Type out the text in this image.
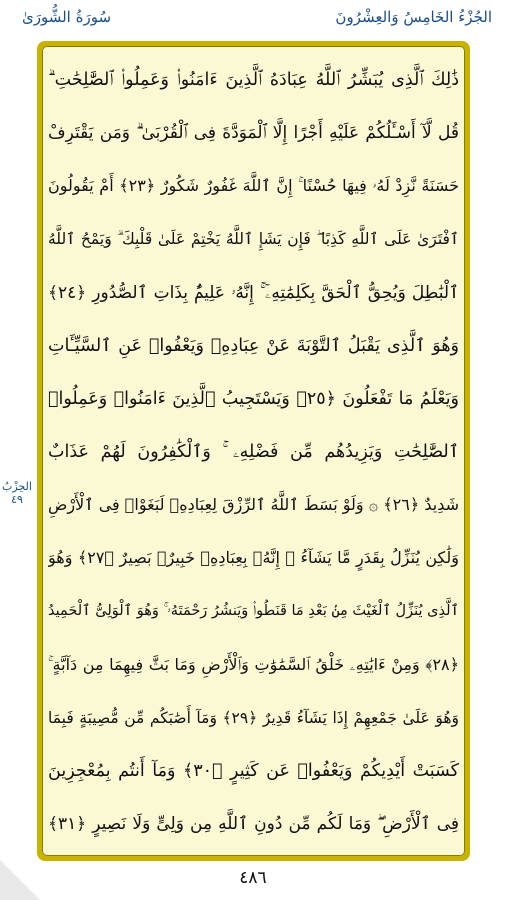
الجُزْءُ الخَامِسُ وَالعِشْرُونَ
سُورَةُ الشُّورَىٰ
الحِزْبُ ٤٩
ذَٰلِكَ ٱلَّذِى يُبَشِّرُ ٱللَّهُ عِبَادَهُ ٱلَّذِينَ ءَامَنُوا۟ وَعَمِلُوا۟ ٱلصَّٰلِحَٰتِ ۗ
قُل لَّآ أَسْـَٔلُكُمْ عَلَيْهِ أَجْرًا إِلَّا ٱلْمَوَدَّةَ فِى ٱلْقُرْبَىٰ ۗ وَمَن يَقْتَرِفْ
حَسَنَةً نَّزِدْ لَهُۥ فِيهَا حُسْنًا ۚ إِنَّ ٱللَّهَ غَفُورٌ شَكُورٌ ﴿٢٣﴾ أَمْ يَقُولُونَ
ٱفْتَرَىٰ عَلَى ٱللَّهِ كَذِبًا ۖ فَإِن يَشَإِ ٱللَّهُ يَخْتِمْ عَلَىٰ قَلْبِكَ ۗ وَيَمْحُ ٱللَّهُ
ٱلْبَٰطِلَ وَيُحِقُّ ٱلْحَقَّ بِكَلِمَٰتِهِۦٓ ۚ إِنَّهُۥ عَلِيمٌۢ بِذَاتِ ٱلصُّدُورِ ﴿٢٤﴾
وَهُوَ ٱلَّذِى يَقْبَلُ ٱلتَّوْبَةَ عَنْ عِبَادِهِۦ وَيَعْفُوا۟ عَنِ ٱلسَّيِّـَٔاتِ
وَيَعْلَمُ مَا تَفْعَلُونَ ﴿٢٥﴾ وَيَسْتَجِيبُ ٱلَّذِينَ ءَامَنُوا۟ وَعَمِلُوا۟
ٱلصَّٰلِحَٰتِ وَيَزِيدُهُم مِّن فَضْلِهِۦ ۚ وَٱلْكَٰفِرُونَ لَهُمْ عَذَابٌ
شَدِيدٌ ﴿٢٦﴾ ۞ وَلَوْ بَسَطَ ٱللَّهُ ٱلرِّزْقَ لِعِبَادِهِۦ لَبَغَوْا۟ فِى ٱلْأَرْضِ
وَلَٰكِن يُنَزِّلُ بِقَدَرٍ مَّا يَشَآءُ ۚ إِنَّهُۥ بِعِبَادِهِۦ خَبِيرٌۢ بَصِيرٌ ﴿٢٧﴾ وَهُوَ
ٱلَّذِى يُنَزِّلُ ٱلْغَيْثَ مِنۢ بَعْدِ مَا قَنَطُوا۟ وَيَنشُرُ رَحْمَتَهُۥ ۚ وَهُوَ ٱلْوَلِىُّ ٱلْحَمِيدُ
﴿٢٨﴾ وَمِنْ ءَايَٰتِهِۦ خَلْقُ ٱلسَّمَٰوَٰتِ وَٱلْأَرْضِ وَمَا بَثَّ فِيهِمَا مِن دَآبَّةٍ ۚ
وَهُوَ عَلَىٰ جَمْعِهِمْ إِذَا يَشَآءُ قَدِيرٌ ﴿٢٩﴾ وَمَآ أَصَٰبَكُم مِّن مُّصِيبَةٍ فَبِمَا
كَسَبَتْ أَيْدِيكُمْ وَيَعْفُوا۟ عَن كَثِيرٍ ﴿٣٠﴾ وَمَآ أَنتُم بِمُعْجِزِينَ
فِى ٱلْأَرْضِ ۖ وَمَا لَكُم مِّن دُونِ ٱللَّهِ مِن وَلِىٍّ وَلَا نَصِيرٍ ﴿٣١﴾
٤٨٦
